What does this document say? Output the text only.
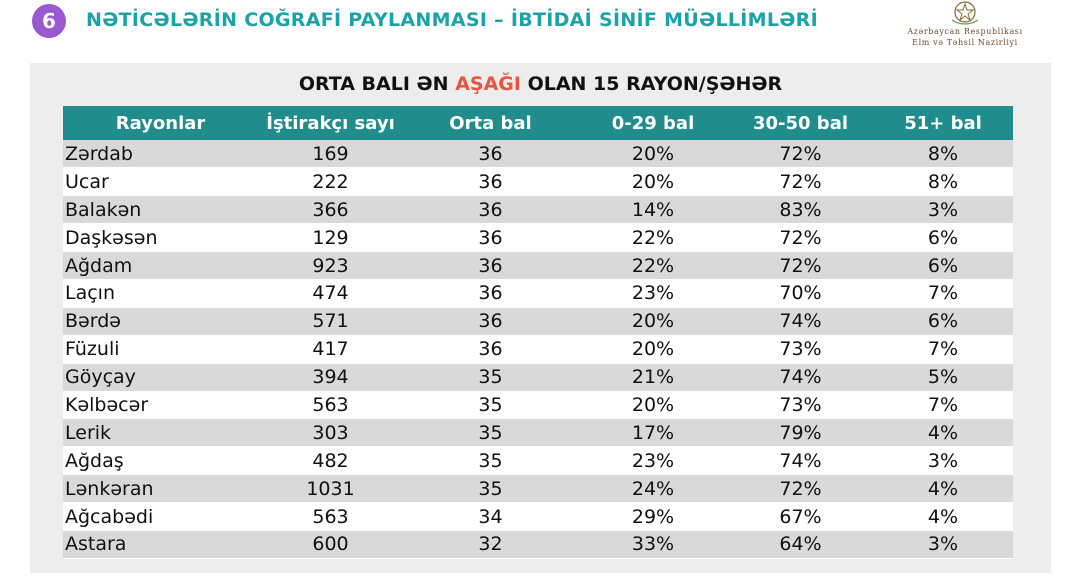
6	NƏTİCƏLƏRİN COĞRAFİ PAYLANMASI – İBTİDAİ SİNİF MÜƏLLİMLƏRİ
Azərbaycan Respublikası
Elm və Təhsil Nazirliyi
ORTA BALI ƏN AŞAĞI OLAN 15 RAYON/ŞƏHƏR
Rayonlar	İştirakçı sayı	Orta bal	0-29 bal	30-50 bal	51+ bal
Zərdab	169	36	20%	72%	8%
Ucar	222	36	20%	72%	8%
Balakən	366	36	14%	83%	3%
Daşkəsən	129	36	22%	72%	6%
Ağdam	923	36	22%	72%	6%
Laçın	474	36	23%	70%	7%
Bərdə	571	36	20%	74%	6%
Füzuli	417	36	20%	73%	7%
Göyçay	394	35	21%	74%	5%
Kəlbəcər	563	35	20%	73%	7%
Lerik	303	35	17%	79%	4%
Ağdaş	482	35	23%	74%	3%
Lənkəran	1031	35	24%	72%	4%
Ağcabədi	563	34	29%	67%	4%
Astara	600	32	33%	64%	3%
